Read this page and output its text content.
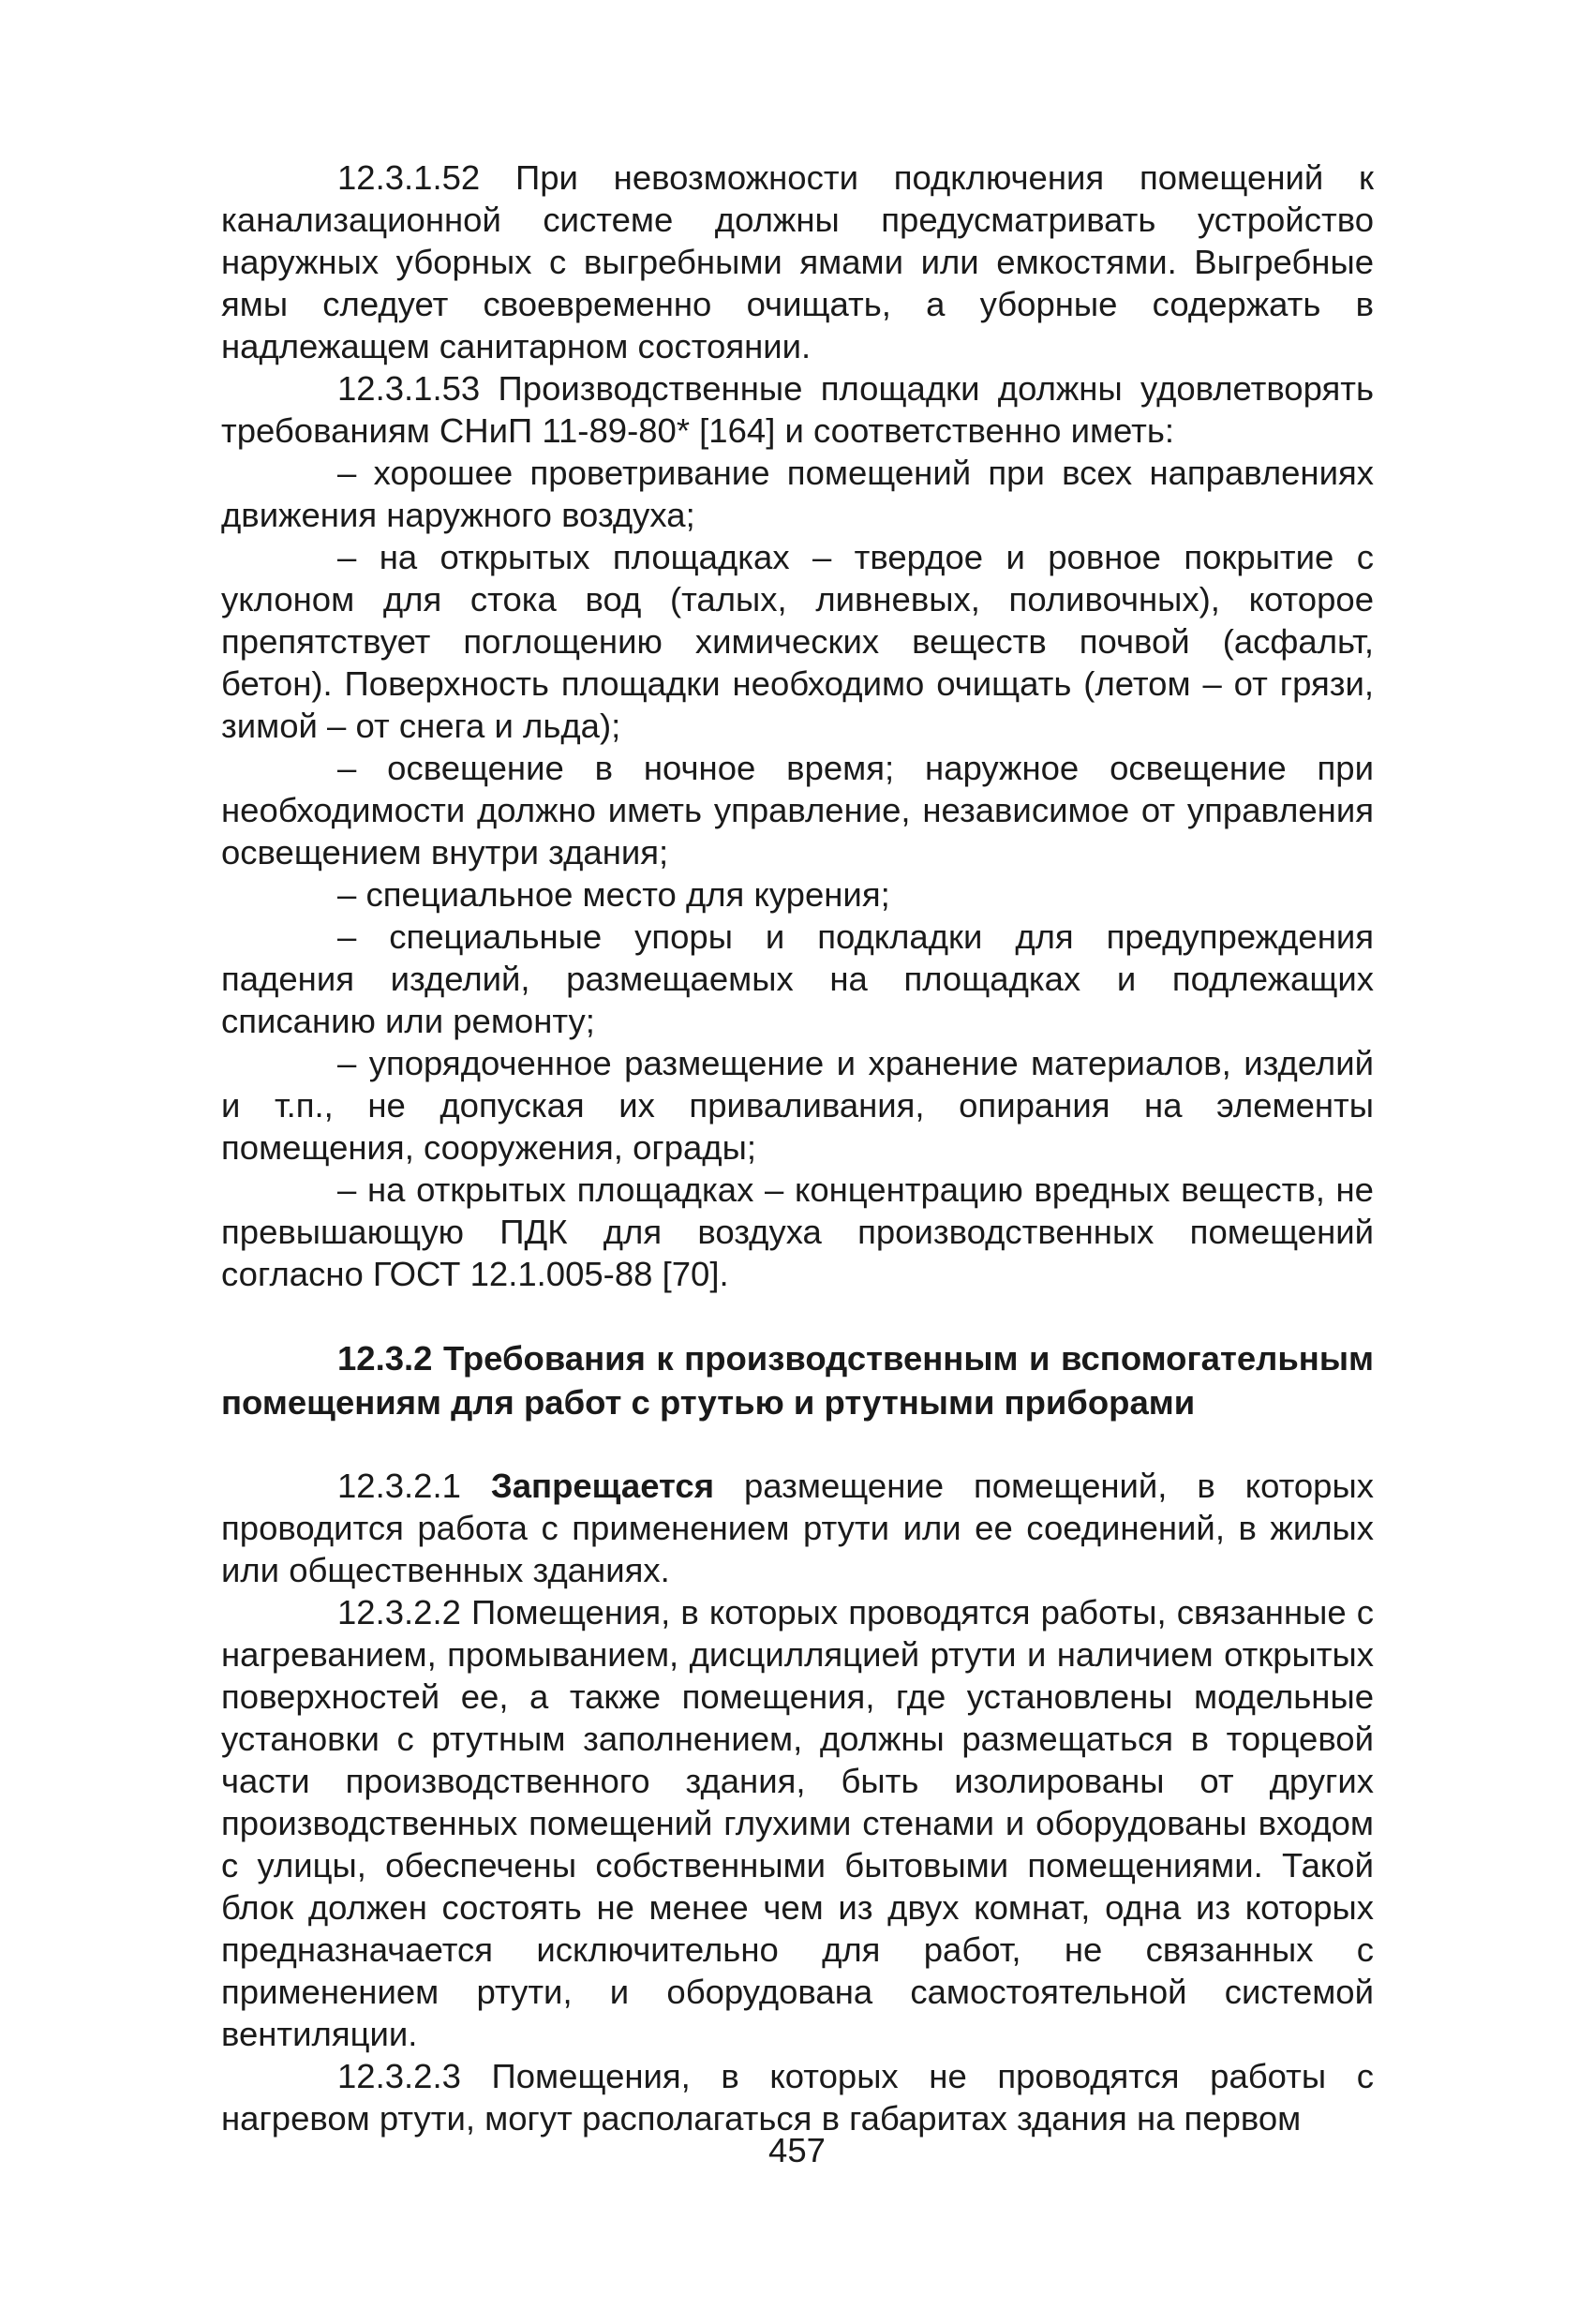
12.3.1.52 При невозможности подключения помещений к канализационной системе должны предусматривать устройство наружных уборных с выгребными ямами или емкостями. Выгребные ямы следует своевременно очищать, а уборные содержать в надлежащем санитарном состоянии.

12.3.1.53 Производственные площадки должны удовлетворять требованиям СНиП 11-89-80* [164] и соответственно иметь:

– хорошее проветривание помещений при всех направлениях движения наружного воздуха;

– на открытых площадках – твердое и ровное покрытие с уклоном для стока вод (талых, ливневых, поливочных), которое препятствует поглощению химических веществ почвой (асфальт, бетон). Поверхность площадки необходимо очищать (летом – от грязи, зимой – от снега и льда);

– освещение в ночное время; наружное освещение при необходимости должно иметь управление, независимое от управления освещением внутри здания;

– специальное место для курения;

– специальные упоры и подкладки для предупреждения падения изделий, размещаемых на площадках и подлежащих списанию или ремонту;

– упорядоченное размещение и хранение материалов, изделий и т.п., не допуская их приваливания, опирания на элементы помещения, сооружения, ограды;

– на открытых площадках – концентрацию вредных веществ, не превышающую ПДК для воздуха производственных помещений согласно ГОСТ 12.1.005-88 [70].

12.3.2 Требования к производственным и вспомогательным помещениям для работ с ртутью и ртутными приборами

12.3.2.1 Запрещается размещение помещений, в которых проводится работа с применением ртути или ее соединений, в жилых или общественных зданиях.

12.3.2.2 Помещения, в которых проводятся работы, связанные с нагреванием, промыванием, дисцилляцией ртути и наличием открытых поверхностей ее, а также помещения, где установлены модельные установки с ртутным заполнением, должны размещаться в торцевой части производственного здания, быть изолированы от других производственных помещений глухими стенами и оборудованы входом с улицы, обеспечены собственными бытовыми помещениями. Такой блок должен состоять не менее чем из двух комнат, одна из которых предназначается исключительно для работ, не связанных с применением ртути, и оборудована самостоятельной системой вентиляции.

12.3.2.3 Помещения, в которых не проводятся работы с нагревом ртути, могут располагаться в габаритах здания на первом

457
